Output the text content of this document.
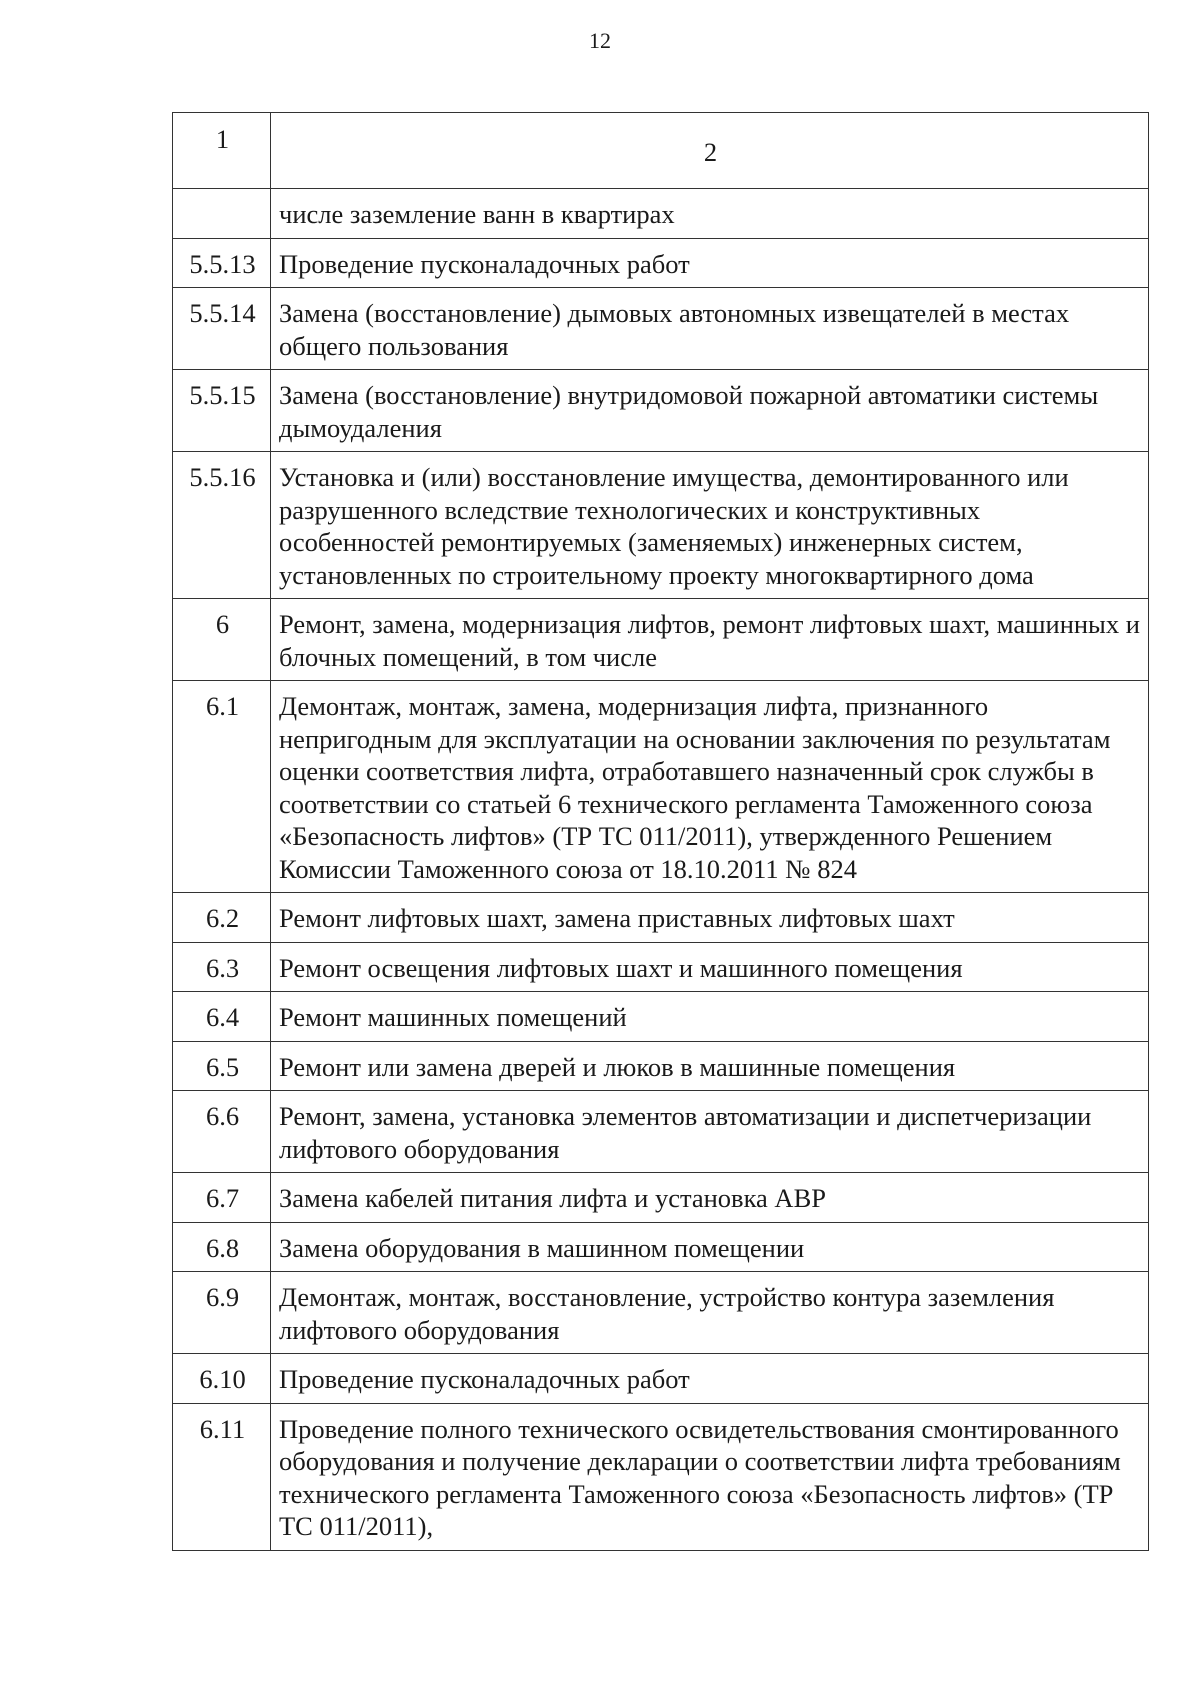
12
1	2
	числе заземление ванн в квартирах
5.5.13	Проведение пусконаладочных работ
5.5.14	Замена (восстановление) дымовых автономных извещателей в местах общего пользования
5.5.15	Замена (восстановление) внутридомовой пожарной автоматики системы дымоудаления
5.5.16	Установка и (или) восстановление имущества, демонтированного или разрушенного вследствие технологических и конструктивных особенностей ремонтируемых (заменяемых) инженерных систем, установленных по строительному проекту многоквартирного дома
6	Ремонт, замена, модернизация лифтов, ремонт лифтовых шахт, машинных и блочных помещений, в том числе
6.1	Демонтаж, монтаж, замена, модернизация лифта, признанного непригодным для эксплуатации на основании заключения по результатам оценки соответствия лифта, отработавшего назначенный срок службы в соответствии со статьей 6 технического регламента Таможенного союза «Безопасность лифтов» (ТР ТС 011/2011), утвержденного Решением Комиссии Таможенного союза от 18.10.2011 № 824
6.2	Ремонт лифтовых шахт, замена приставных лифтовых шахт
6.3	Ремонт освещения лифтовых шахт и машинного помещения
6.4	Ремонт машинных помещений
6.5	Ремонт или замена дверей и люков в машинные помещения
6.6	Ремонт, замена, установка элементов автоматизации и диспетчеризации лифтового оборудования
6.7	Замена кабелей питания лифта и установка АВР
6.8	Замена оборудования в машинном помещении
6.9	Демонтаж, монтаж, восстановление, устройство контура заземления лифтового оборудования
6.10	Проведение пусконаладочных работ
6.11	Проведение полного технического освидетельствования смонтированного оборудования и получение декларации о соответствии лифта требованиям технического регламента Таможенного союза «Безопасность лифтов» (ТР ТС 011/2011),
